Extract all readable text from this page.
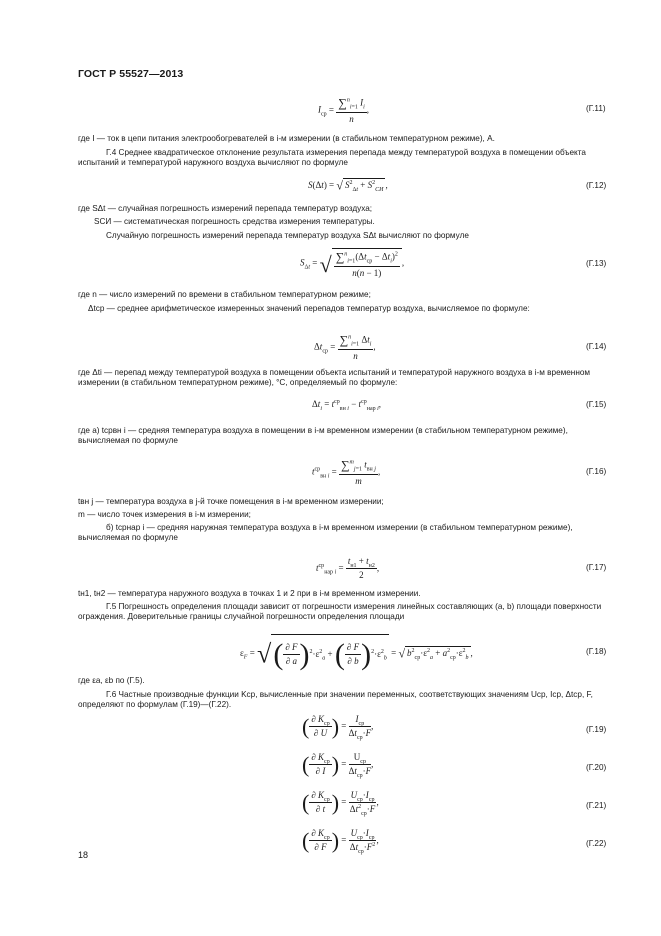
ГОСТ Р 55527—2013
$I_{ср} = \frac{\sum^n_{i=1} I_i}{n}$ ,	(Г.11)
где I — ток в цепи питания электрообогревателей в i-м измерении (в стабильном температурном режиме), А.
Г.4 Среднее квадратическое отклонение результата измерения перепада между температурой воздуха в помещении объекта испытаний и температурой наружного воздуха вычисляют по формуле
S(Δt) = √ $S^2_{\Delta t} + S^2_{СИ}$,	(Г.12)
где SΔt — случайная погрешность измерений перепада температур воздуха;
SСИ — систематическая погрешность средства измерения температуры.
Случайную погрешность измерений перепада температур воздуха SΔt вычисляют по формуле
$S_{\Delta t}$ = √ $\frac{\sum^n_{i=1}(\Delta t_{ср} - \Delta t_i)^2}{n(n - 1)}$ ,	(Г.13)
где n — число измерений по времени в стабильном температурном режиме;
Δtср — среднее арифметическое измеренных значений перепадов температур воздуха, вычисляемое по формуле:
$\Delta t_{ср} = \frac{\sum^n_{i=1} \Delta t_i}{n}$ ,	(Г.14)
где Δti — перепад между температурой воздуха в помещении объекта испытаний и температурой наружного воздуха в i-м временном измерении (в стабильном температурном режиме), °С, определяемый по формуле:
$\Delta t_i = t^{ср}_{вн i} - t^{ср}_{нар i}$,	(Г.15)
где а) tсрвн i — средняя температура воздуха в помещении в i-м временном измерении (в стабильном температурном режиме), вычисляемая по формуле
$t^{ср}_{вн i} = \frac{\sum^m_{j=1} t_{вн j}}{m}$ ,	(Г.16)
tвн j — температура воздуха в j-й точке помещения в i-м временном измерении;
m — число точек измерения в i-м измерении;
б) tсрнар i — средняя наружная температура воздуха в i-м временном измерении (в стабильном температурном режиме), вычисляемая по формуле
$t^{ср}_{нар i} = \frac{t_{н1} + t_{н2}}{2}$ ,	(Г.17)
tн1, tн2 — температура наружного воздуха в точках 1 и 2 при в i-м временном измерении.
Г.5 Погрешность определения площади зависит от погрешности измерения линейных составляющих (a, b) площади поверхности ограждения. Доверительные границы случайной погрешности определения площади
$\varepsilon_F$ = √( $\frac{\partial F}{\partial a} )^2\cdot\varepsilon^2_a$ + ( $\frac{\partial F}{\partial b} )^2\cdot\varepsilon^2_b$ = √ $b^2_{ср}\cdot\varepsilon^2_a + a^2_{ср}\cdot\varepsilon^2_b$,	(Г.18)
где εa, εb по (Г.5).
Г.6 Частные производные функции Kср, вычисленные при значении переменных, соответствующих значениям Uср, Iср, Δtср, F, определяют по формулам (Г.19)—(Г.22).
( $\frac{\partial K_{ср}}{\partial U}$ ) = $\frac{I_{ср}}{\Delta t_{ср}\cdot F}$ ,	(Г.19)
( $\frac{\partial K_{ср}}{\partial I}$ ) = $\frac{U_{ср}}{\Delta t_{ср}\cdot F}$ ,	(Г.20)
( $\frac{\partial K_{ср}}{\partial t}$ ) = $\frac{U_{ср}\cdot I_{ср}}{\Delta t^2_{ср}\cdot F}$ ,	(Г.21)
( $\frac{\partial K_{ср}}{\partial F}$ ) = $\frac{U_{ср}\cdot I_{ср}}{\Delta t_{ср}\cdot F^2}$ ,	(Г.22)
18
